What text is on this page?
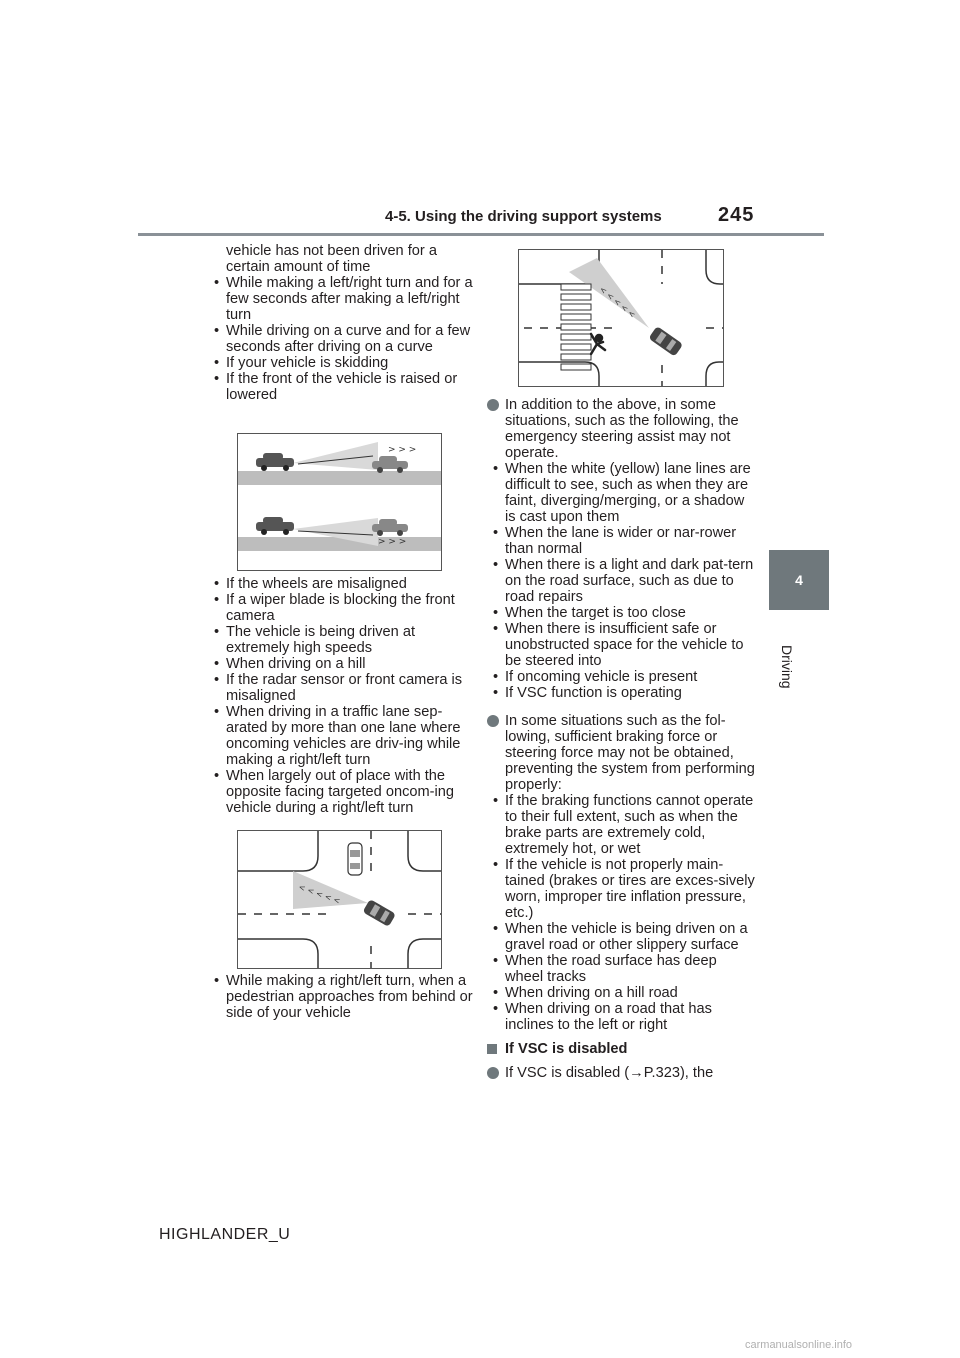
4-5. Using the driving support systems	245
4
Driving
vehicle has not been driven for a certain amount of time
• While making a left/right turn and for a few seconds after making a left/right turn
• While driving on a curve and for a few seconds after driving on a curve
• If your vehicle is skidding
• If the front of the vehicle is raised or lowered
• If the wheels are misaligned
• If a wiper blade is blocking the front camera
• The vehicle is being driven at extremely high speeds
• When driving on a hill
• If the radar sensor or front camera is misaligned
• When driving in a traffic lane sep-arated by more than one lane where oncoming vehicles are driv-ing while making a right/left turn
• When largely out of place with the opposite facing targeted oncom-ing vehicle during a right/left turn
• While making a right/left turn, when a pedestrian approaches from behind or side of your vehicle
> > >
> > >
< < < < <
< < < < <
In addition to the above, in some situations, such as the following, the emergency steering assist may not operate.
• When the white (yellow) lane lines are difficult to see, such as when they are faint, diverging/merging, or a shadow is cast upon them
• When the lane is wider or nar-rower than normal
• When there is a light and dark pat-tern on the road surface, such as due to road repairs
• When the target is too close
• When there is insufficient safe or unobstructed space for the vehicle to be steered into
• If oncoming vehicle is present
• If VSC function is operating
In some situations such as the fol-lowing, sufficient braking force or steering force may not be obtained, preventing the system from performing properly:
• If the braking functions cannot operate to their full extent, such as when the brake parts are extremely cold, extremely hot, or wet
• If the vehicle is not properly main-tained (brakes or tires are exces-sively worn, improper tire inflation pressure, etc.)
• When the vehicle is being driven on a gravel road or other slippery surface
• When the road surface has deep wheel tracks
• When driving on a hill road
• When driving on a road that has inclines to the left or right
If VSC is disabled
If VSC is disabled (→P.323), the
HIGHLANDER_U
carmanualsonline.info
